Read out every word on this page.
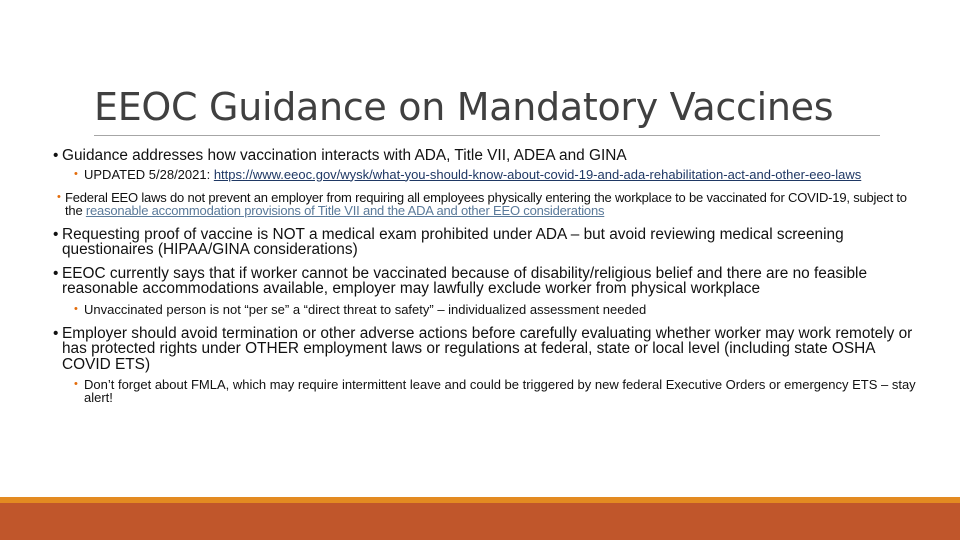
EEOC Guidance on Mandatory Vaccines
• Guidance addresses how vaccination interacts with ADA, Title VII, ADEA and GINA
• UPDATED 5/28/2021: https://www.eeoc.gov/wysk/what-you-should-know-about-covid-19-and-ada-rehabilitation-act-and-other-eeo-laws
• Federal EEO laws do not prevent an employer from requiring all employees physically entering the workplace to be vaccinated for COVID-19, subject to the reasonable accommodation provisions of Title VII and the ADA and other EEO considerations
• Requesting proof of vaccine is NOT a medical exam prohibited under ADA – but avoid reviewing medical screening questionaires (HIPAA/GINA considerations)
• EEOC currently says that if worker cannot be vaccinated because of disability/religious belief and there are no feasible reasonable accommodations available, employer may lawfully exclude worker from physical workplace
• Unvaccinated person is not “per se” a “direct threat to safety” – individualized assessment needed
• Employer should avoid termination or other adverse actions before carefully evaluating whether worker may work remotely or has protected rights under OTHER employment laws or regulations at federal, state or local level (including state OSHA COVID ETS)
• Don’t forget about FMLA, which may require intermittent leave and could be triggered by new federal Executive Orders or emergency ETS – stay alert!
